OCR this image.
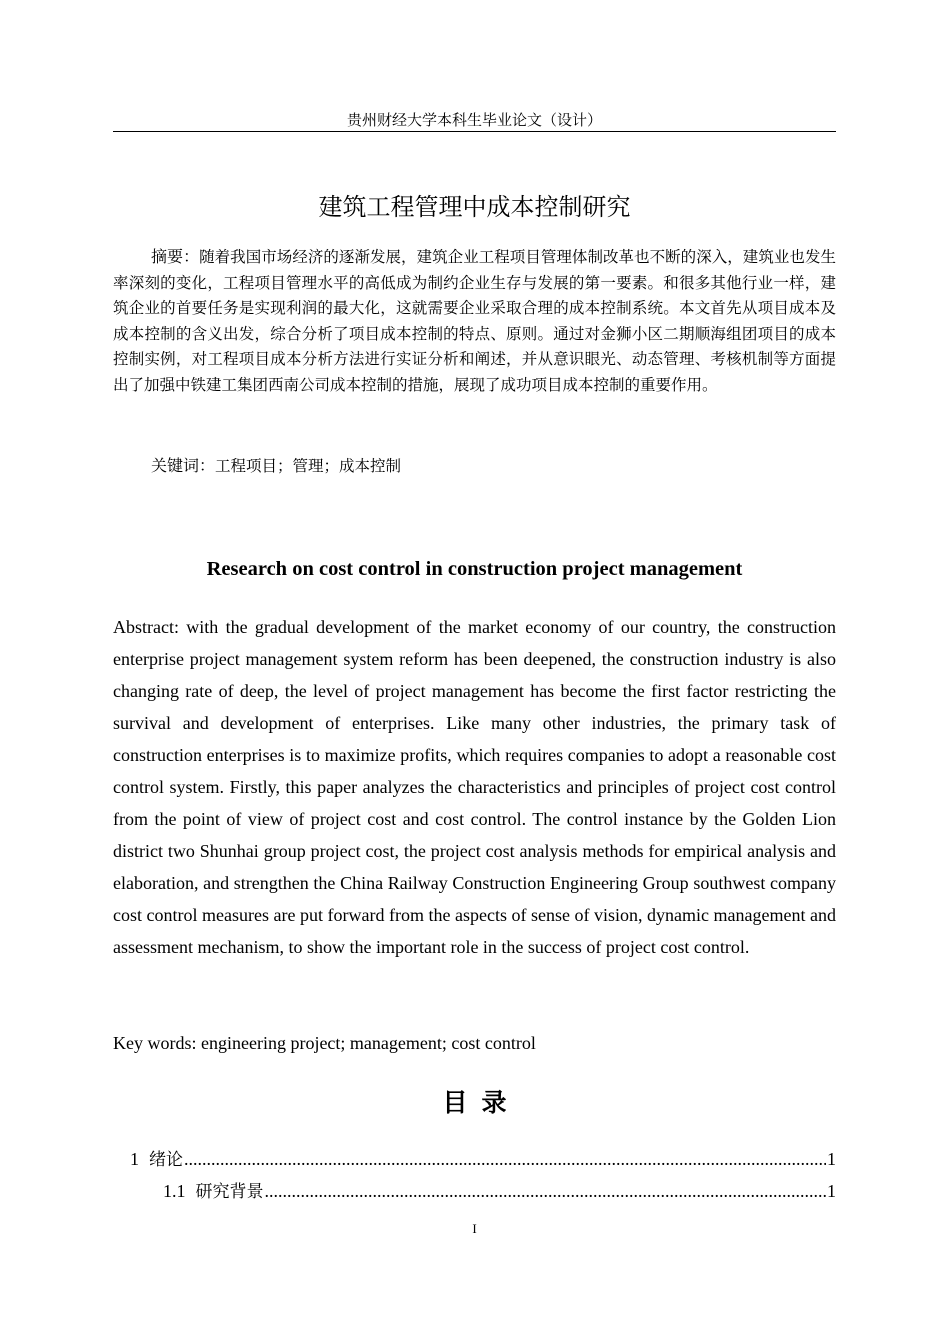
贵州财经大学本科生毕业论文（设计）
建筑工程管理中成本控制研究

摘要：随着我国市场经济的逐渐发展，建筑企业工程项目管理体制改革也不断的深入，建筑业也发生率深刻的变化，工程项目管理水平的高低成为制约企业生存与发展的第一要素。和很多其他行业一样，建筑企业的首要任务是实现利润的最大化，这就需要企业采取合理的成本控制系统。本文首先从项目成本及成本控制的含义出发，综合分析了项目成本控制的特点、原则。通过对金狮小区二期顺海组团项目的成本控制实例，对工程项目成本分析方法进行实证分析和阐述，并从意识眼光、动态管理、考核机制等方面提出了加强中铁建工集团西南公司成本控制的措施，展现了成功项目成本控制的重要作用。

关键词：工程项目；管理；成本控制
Research on cost control in construction project management

Abstract: with the gradual development of the market economy of our country, the construction enterprise project management system reform has been deepened, the construction industry is also changing rate of deep, the level of project management has become the first factor restricting the survival and development of enterprises. Like many other industries, the primary task of construction enterprises is to maximize profits, which requires companies to adopt a reasonable cost control system. Firstly, this paper analyzes the characteristics and principles of project cost control from the point of view of project cost and cost control. The control instance by the Golden Lion district two Shunhai group project cost, the project cost analysis methods for empirical analysis and elaboration, and strengthen the China Railway Construction Engineering Group southwest company cost control measures are put forward from the aspects of sense of vision, dynamic management and assessment mechanism, to show the important role in the success of project cost control.

Key words: engineering project; management; cost control
目录
1 绪论 .....	1
1.1 研究背景 .....	1
I
